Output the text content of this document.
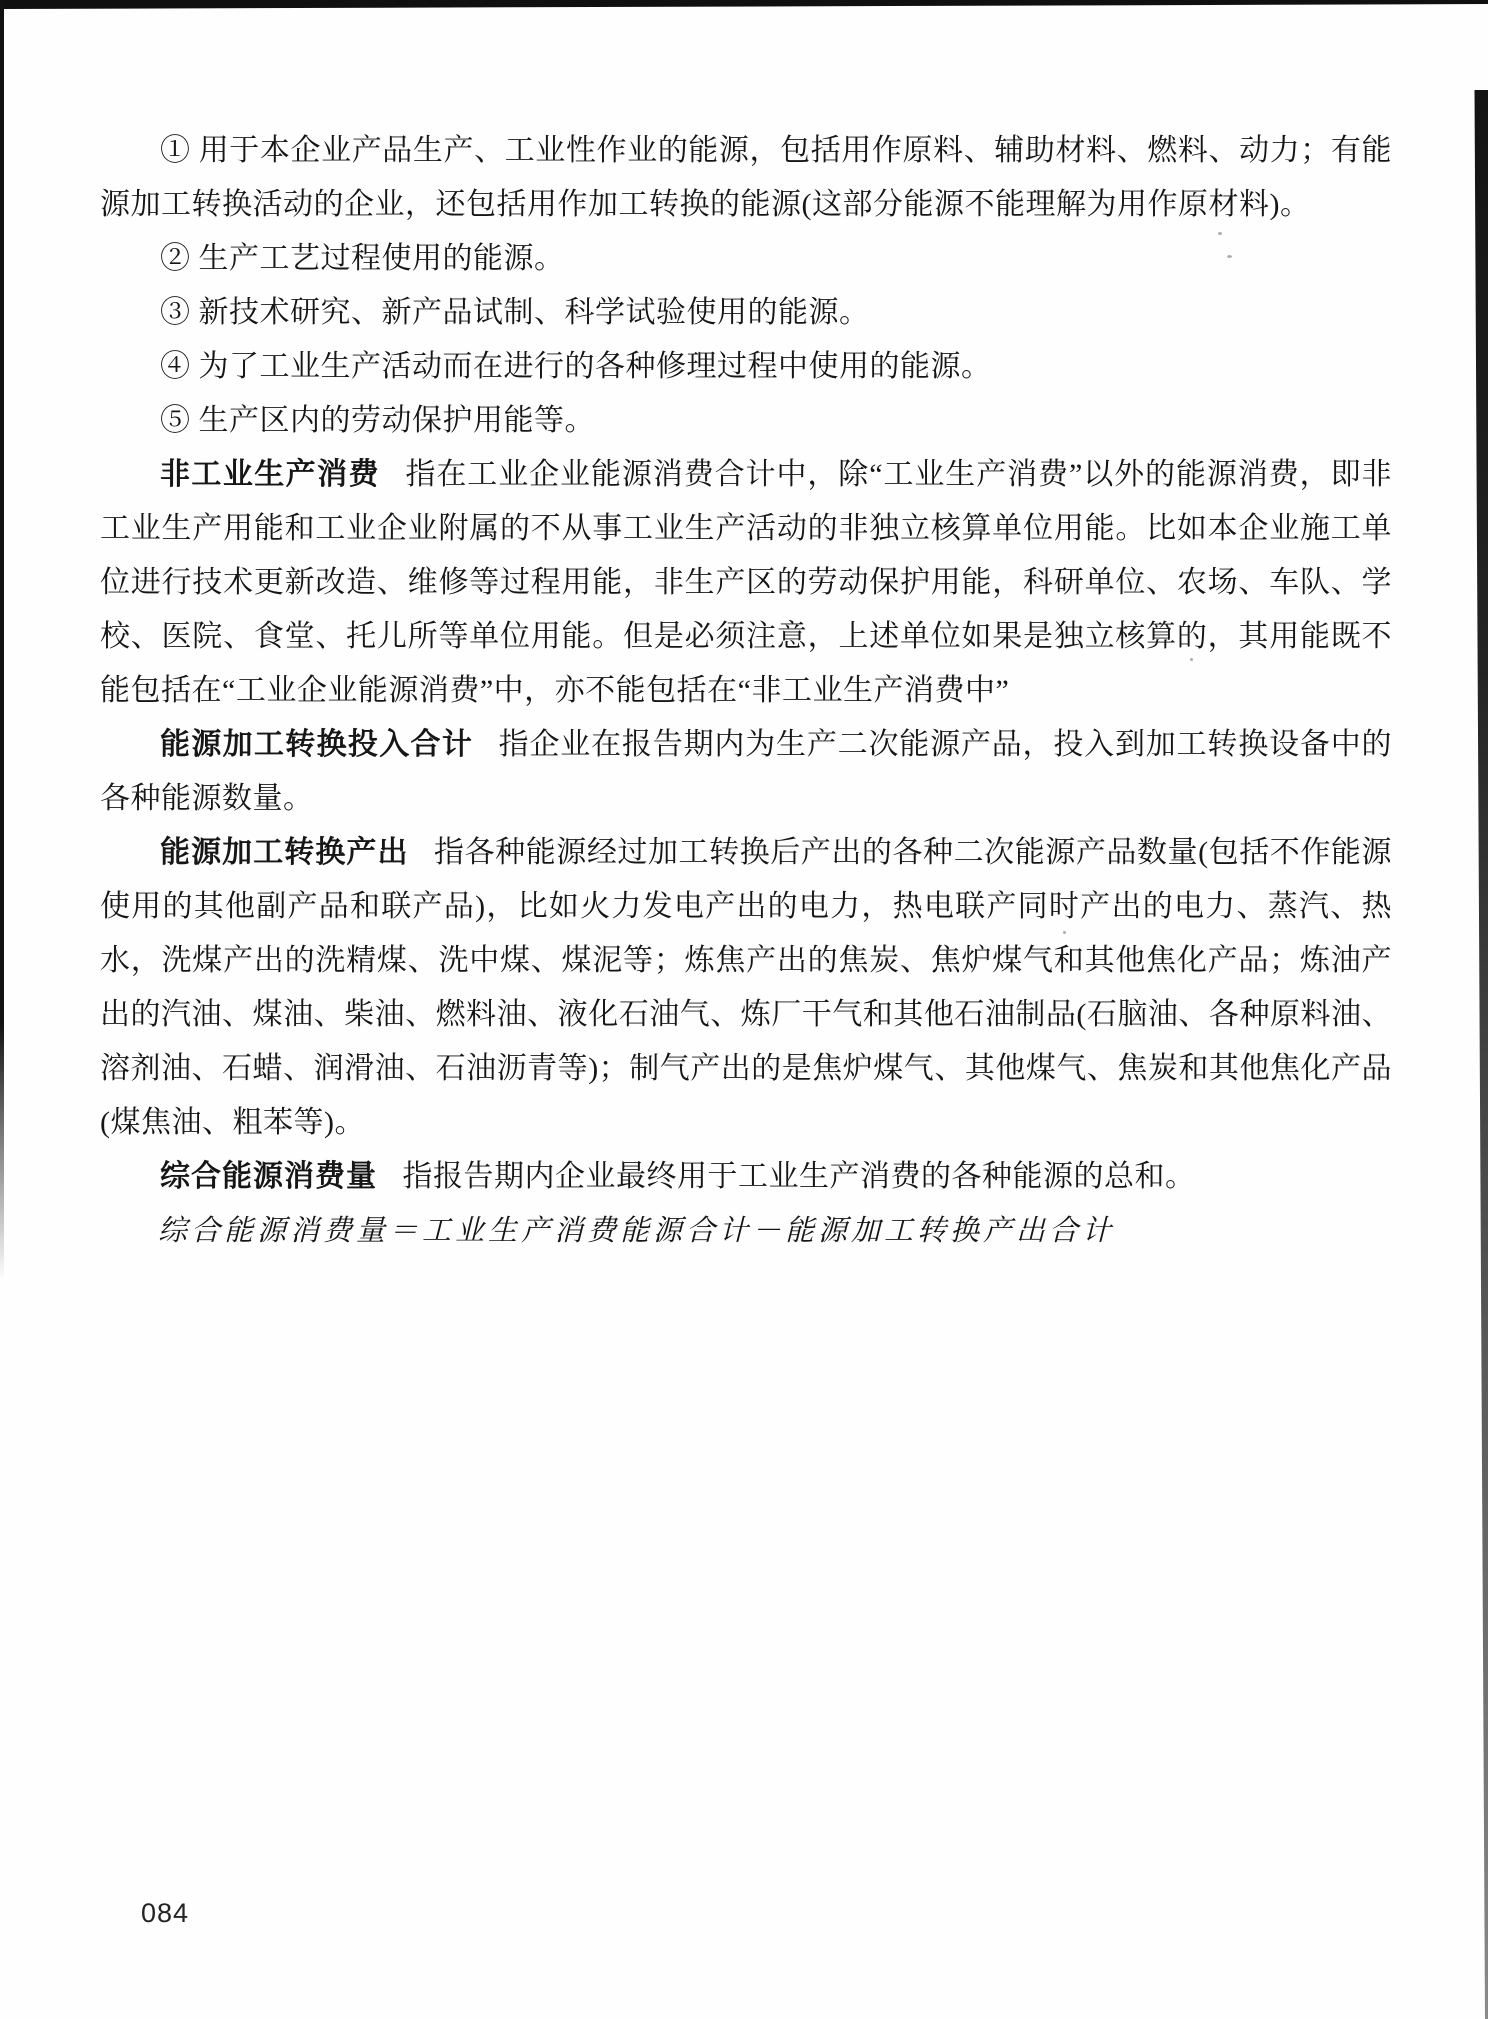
① 用于本企业产品生产、工业性作业的能源，包括用作原料、辅助材料、燃料、动力；有能源加工转换活动的企业，还包括用作加工转换的能源(这部分能源不能理解为用作原材料)。

② 生产工艺过程使用的能源。

③ 新技术研究、新产品试制、科学试验使用的能源。

④ 为了工业生产活动而在进行的各种修理过程中使用的能源。

⑤ 生产区内的劳动保护用能等。

非工业生产消费 指在工业企业能源消费合计中，除“工业生产消费”以外的能源消费，即非工业生产用能和工业企业附属的不从事工业生产活动的非独立核算单位用能。比如本企业施工单位进行技术更新改造、维修等过程用能，非生产区的劳动保护用能，科研单位、农场、车队、学校、医院、食堂、托儿所等单位用能。但是必须注意，上述单位如果是独立核算的，其用能既不能包括在“工业企业能源消费”中，亦不能包括在“非工业生产消费中”

能源加工转换投入合计 指企业在报告期内为生产二次能源产品，投入到加工转换设备中的各种能源数量。

能源加工转换产出 指各种能源经过加工转换后产出的各种二次能源产品数量(包括不作能源使用的其他副产品和联产品)，比如火力发电产出的电力，热电联产同时产出的电力、蒸汽、热水，洗煤产出的洗精煤、洗中煤、煤泥等；炼焦产出的焦炭、焦炉煤气和其他焦化产品；炼油产出的汽油、煤油、柴油、燃料油、液化石油气、炼厂干气和其他石油制品(石脑油、各种原料油、溶剂油、石蜡、润滑油、石油沥青等)；制气产出的是焦炉煤气、其他煤气、焦炭和其他焦化产品(煤焦油、粗苯等)。

综合能源消费量 指报告期内企业最终用于工业生产消费的各种能源的总和。

综合能源消费量＝工业生产消费能源合计－能源加工转换产出合计

084
